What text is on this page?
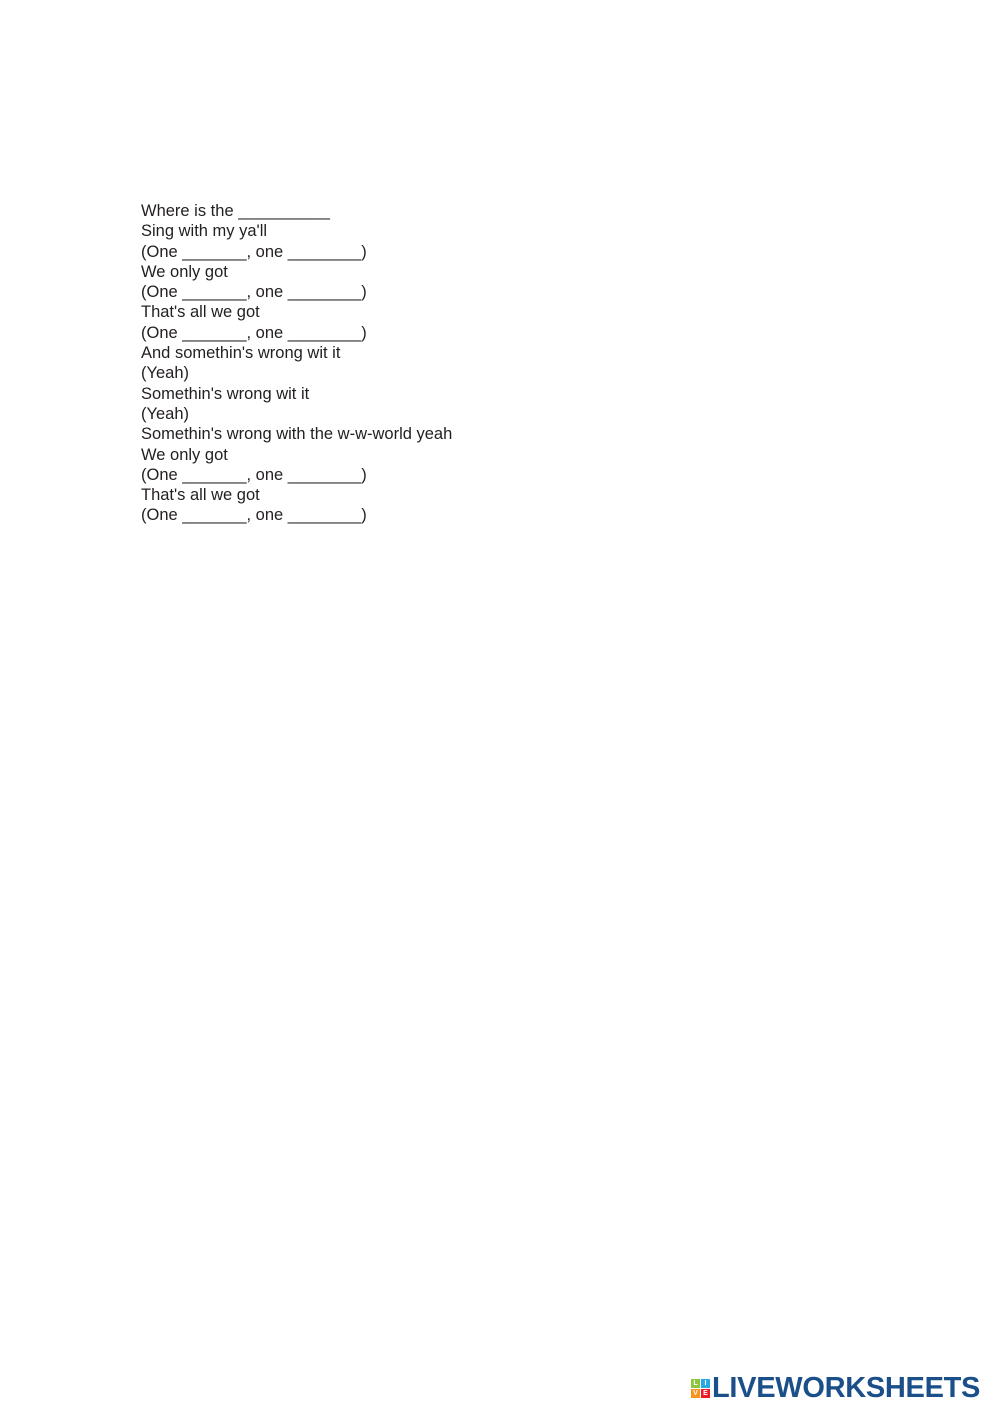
Where is the __________
Sing with my ya'll
(One _______, one ________)
We only got
(One _______, one ________)
That's all we got
(One _______, one ________)
And somethin's wrong wit it
(Yeah)
Somethin's wrong wit it
(Yeah)
Somethin's wrong with the w-w-world yeah
We only got
(One _______, one ________)
That's all we got
(One _______, one ________)
L I
V E LIVEWORKSHEETS
